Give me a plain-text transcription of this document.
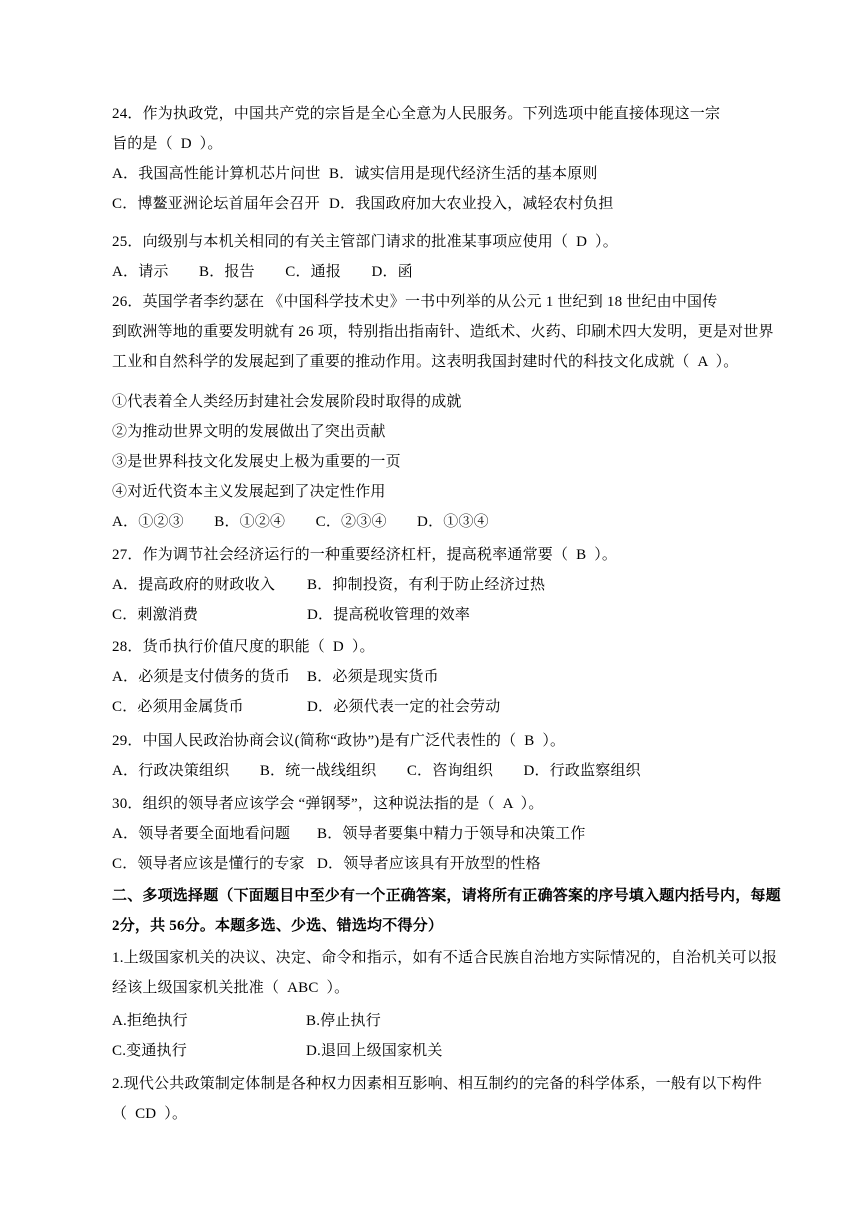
24．作为执政党，中国共产党的宗旨是全心全意为人民服务。下列选项中能直接体现这一宗
旨的是（  D  ）。
A．我国高性能计算机芯片问世 B．诚实信用是现代经济生活的基本原则
C．博鳌亚洲论坛首届年会召开 D．我国政府加大农业投入，减轻农村负担
25．向级别与本机关相同的有关主管部门请求的批准某事项应使用（  D  ）。
A．请示　　B．报告　　C．通报　　D．函
26．英国学者李约瑟在 《中国科学技术史》一书中列举的从公元 1 世纪到 18 世纪由中国传
到欧洲等地的重要发明就有 26 项，特别指出指南针、造纸术、火药、印刷术四大发明，更是对世界
工业和自然科学的发展起到了重要的推动作用。这表明我国封建时代的科技文化成就（  A  ）。
①代表着全人类经历封建社会发展阶段时取得的成就
②为推动世界文明的发展做出了突出贡献
③是世界科技文化发展史上极为重要的一页
④对近代资本主义发展起到了决定性作用
A．①②③　　B．①②④　　C．②③④　　D．①③④
27．作为调节社会经济运行的一种重要经济杠杆，提高税率通常要（  B  ）。
A．提高政府的财政收入 B．抑制投资，有利于防止经济过热
C．刺激消费	D．提高税收管理的效率
28．货币执行价值尺度的职能（  D  ）。
A．必须是支付债务的货币 B．必须是现实货币
C．必须用金属货币	D．必须代表一定的社会劳动
29．中国人民政治协商会议(简称“政协”)是有广泛代表性的（  B  ）。
A．行政决策组织　　B．统一战线组织　　C．咨询组织　　D．行政监察组织
30．组织的领导者应该学会 “弹钢琴”，这种说法指的是（  A  ）。
A．领导者要全面地看问题 B．领导者要集中精力于领导和决策工作
C．领导者应该是懂行的专家 D．领导者应该具有开放型的性格
二、多项选择题（下面题目中至少有一个正确答案，请将所有正确答案的序号填入题内括号内，每题
2分，共 56分。本题多选、少选、错选均不得分）
1.上级国家机关的决议、决定、命令和指示，如有不适合民族自治地方实际情况的，自治机关可以报
经该上级国家机关批准（  ABC  ）。
A.拒绝执行	B.停止执行
C.变通执行	D.退回上级国家机关
2.现代公共政策制定体制是各种权力因素相互影响、相互制约的完备的科学体系，一般有以下构件
（  CD  ）。
